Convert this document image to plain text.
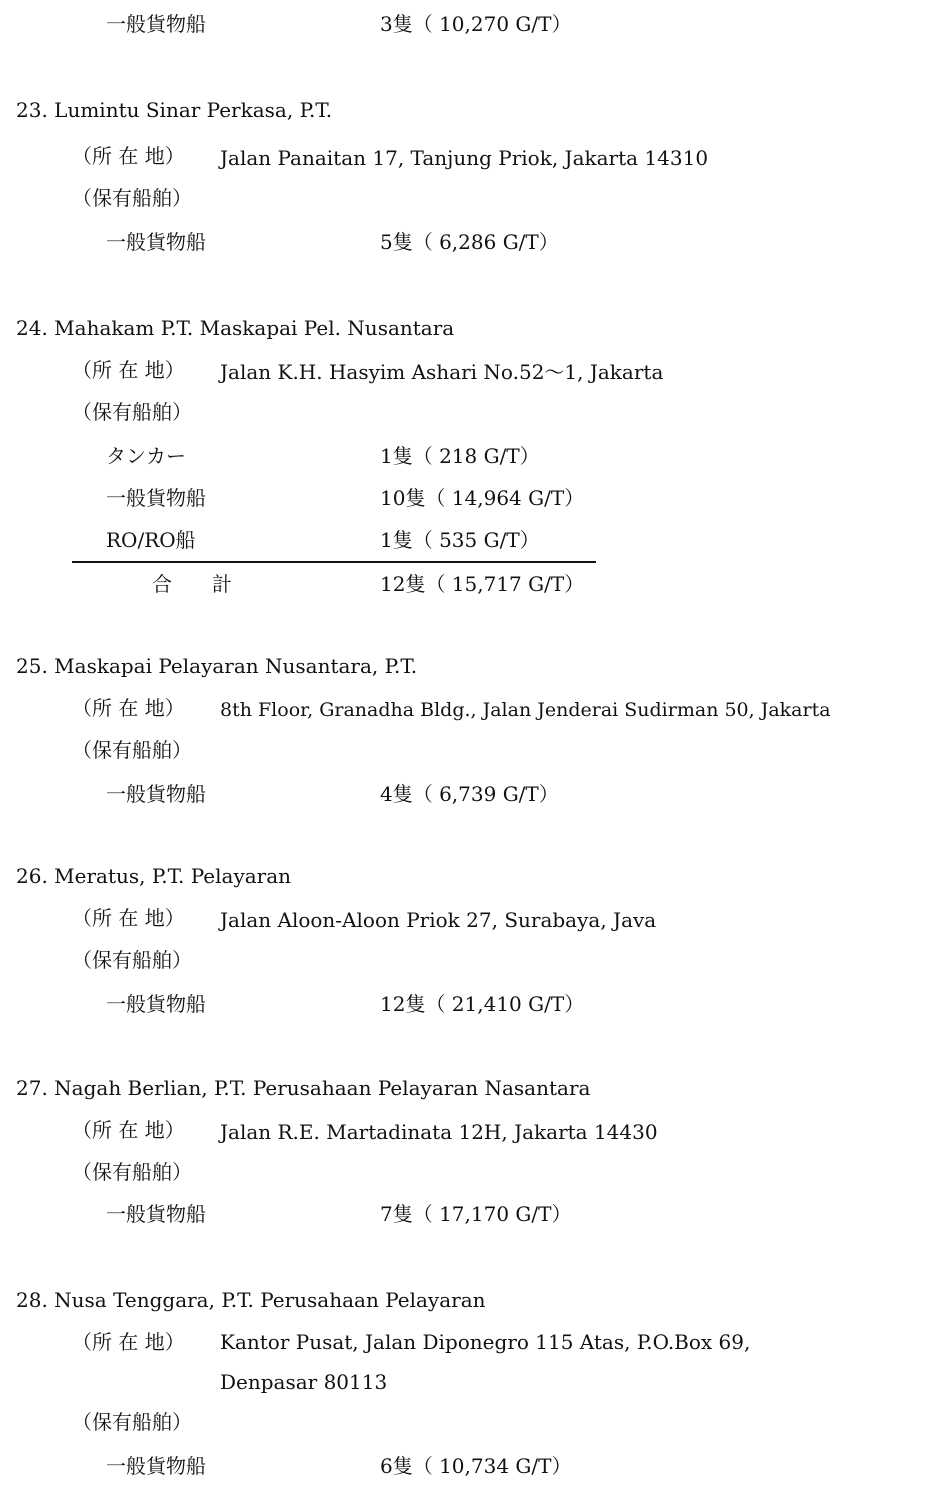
一般貨物船	3隻（ 10,270 G/T）
23. Lumintu Sinar Perkasa, P.T.
（所 在 地） Jalan Panaitan 17, Tanjung Priok, Jakarta 14310
（保有船舶）
一般貨物船	5隻（ 6,286 G/T）
24. Mahakam P.T. Maskapai Pel. Nusantara
（所 在 地） Jalan K.H. Hasyim Ashari No.52～1, Jakarta
（保有船舶）
タンカー	1隻（ 218 G/T）
一般貨物船	10隻（ 14,964 G/T）
RO/RO船	1隻（ 535 G/T）
合計	12隻（ 15,717 G/T）
25. Maskapai Pelayaran Nusantara, P.T.
（所 在 地） 8th Floor, Granadha Bldg., Jalan Jenderai Sudirman 50, Jakarta
（保有船舶）
一般貨物船	4隻（ 6,739 G/T）
26. Meratus, P.T. Pelayaran
（所 在 地） Jalan Aloon-Aloon Priok 27, Surabaya, Java
（保有船舶）
一般貨物船	12隻（ 21,410 G/T）
27. Nagah Berlian, P.T. Perusahaan Pelayaran Nasantara
（所 在 地） Jalan R.E. Martadinata 12H, Jakarta 14430
（保有船舶）
一般貨物船	7隻（ 17,170 G/T）
28. Nusa Tenggara, P.T. Perusahaan Pelayaran
（所 在 地） Kantor Pusat, Jalan Diponegro 115 Atas, P.O.Box 69,
Denpasar 80113
（保有船舶）
一般貨物船	6隻（ 10,734 G/T）
